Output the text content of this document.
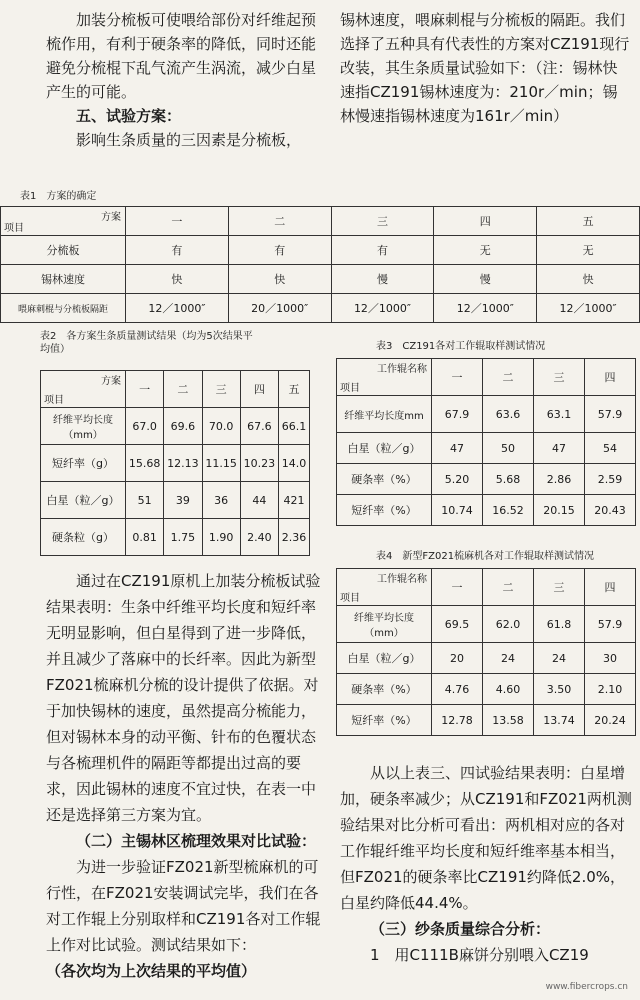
加装分梳板可使喂给部份对纤维起预梳作用，有利于硬条率的降低，同时还能避免分梳棍下乱气流产生涡流，减少白星产生的可能。

五、试验方案：

影响生条质量的三因素是分梳板，

锡林速度，喂麻刺棍与分梳板的隔距。我们选择了五种具有代表性的方案对CZ191现行改装，其生条质量试验如下：（注：锡林快速指CZ191锡林速度为：210r／min；锡林慢速指锡林速度为161r／min）

表1　方案的确定
方案
项目	一	二	三	四	五
分梳板	有	有	有	无	无
锡林速度	快	快	慢	慢	快
喂麻刺棍与分梳板隔距	12／1000″	20／1000″	12／1000″	12／1000″	12／1000″
表2　各方案生条质量测试结果（均为5次结果平均值）
方案
项目	一	二	三	四	五
纤维平均长度（mm）	67.0	69.6	70.0	67.6	66.1
短纤率（g）	15.68	12.13	11.15	10.23	14.0
白星（粒／g）	51	39	36	44	421
硬条粒（g）	0.81	1.75	1.90	2.40	2.36
表3　CZ191各对工作辊取样测试情况
工作辊名称
项目	一	二	三	四
纤维平均长度mm	67.9	63.6	63.1	57.9
白星（粒／g）	47	50	47	54
硬条率（%）	5.20	5.68	2.86	2.59
短纤率（%）	10.74	16.52	20.15	20.43
表4　新型FZ021梳麻机各对工作辊取样测试情况
工作辊名称
项目	一	二	三	四
纤维平均长度（mm）	69.5	62.0	61.8	57.9
白星（粒／g）	20	24	24	30
硬条率（%）	4.76	4.60	3.50	2.10
短纤率（%）	12.78	13.58	13.74	20.24

通过在CZ191原机上加装分梳板试验结果表明：生条中纤维平均长度和短纤率无明显影响，但白星得到了进一步降低，并且减少了落麻中的长纤率。因此为新型FZ021梳麻机分梳的设计提供了依据。对于加快锡林的速度，虽然提高分梳能力，但对锡林本身的动平衡、针布的色覆状态与各梳理机件的隔距等都提出过高的要求，因此锡林的速度不宜过快，在表一中还是选择第三方案为宜。

（二）主锡林区梳理效果对比试验：

为进一步验证FZ021新型梳麻机的可行性，在FZ021安装调试完毕，我们在各对工作辊上分别取样和CZ191各对工作辊上作对比试验。测试结果如下：

（各次均为上次结果的平均值）

从以上表三、四试验结果表明：白星增加，硬条率减少；从CZ191和FZ021两机测验结果对比分析可看出：两机相对应的各对工作辊纤维平均长度和短纤维率基本相当，但FZ021的硬条率比CZ191约降低2.0%，白星约降低44.4%。

（三）纱条质量综合分析：

1　用C111B麻饼分别喂入CZ19

www.fibercrops.cn
